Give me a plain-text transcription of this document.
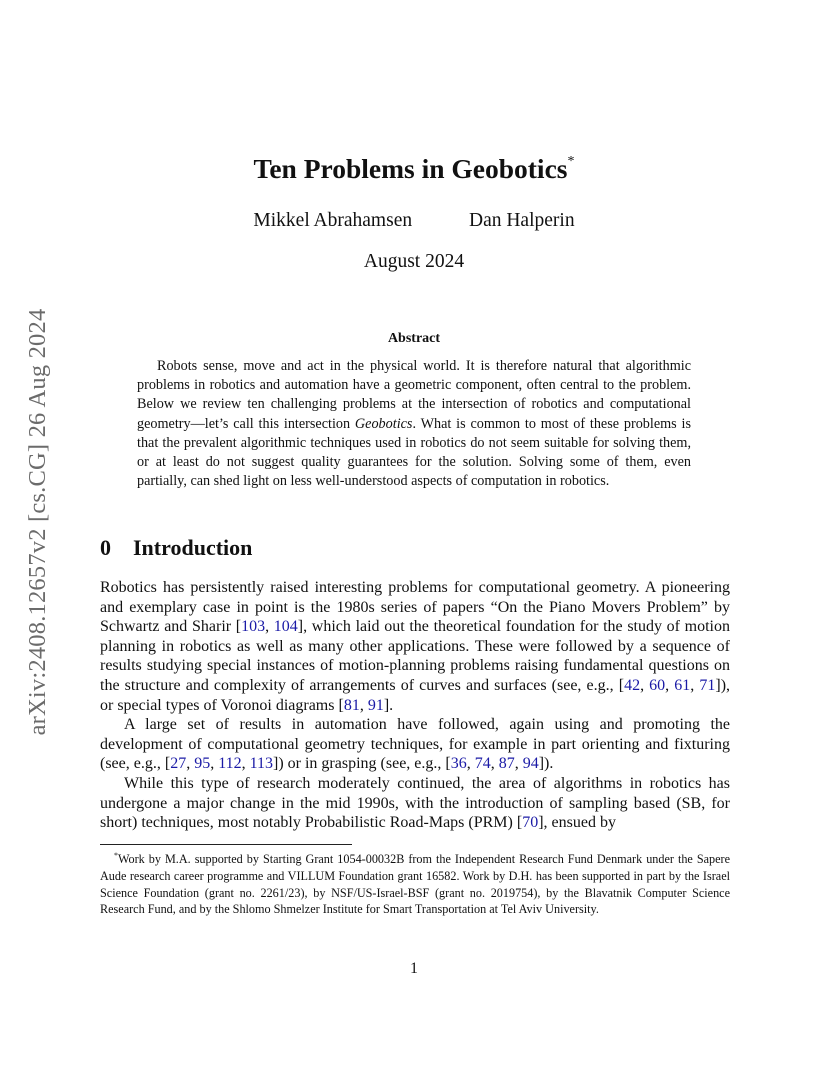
arXiv:2408.12657v2 [cs.CG] 26 Aug 2024
Ten Problems in Geobotics*
Mikkel Abrahamsen	Dan Halperin
August 2024
Abstract

Robots sense, move and act in the physical world. It is therefore natural that algorithmic problems in robotics and automation have a geometric component, often central to the problem. Below we review ten challenging problems at the intersection of robotics and computational geometry—let’s call this intersection Geobotics. What is common to most of these problems is that the prevalent algorithmic techniques used in robotics do not seem suitable for solving them, or at least do not suggest quality guarantees for the solution. Solving some of them, even partially, can shed light on less well-understood aspects of computation in robotics.

0 Introduction

Robotics has persistently raised interesting problems for computational geometry. A pioneering and exemplary case in point is the 1980s series of papers “On the Piano Movers Problem” by Schwartz and Sharir [103, 104], which laid out the theoretical foundation for the study of motion planning in robotics as well as many other applications. These were followed by a sequence of results studying special instances of motion-planning problems raising fundamental questions on the structure and complexity of arrangements of curves and surfaces (see, e.g., [42, 60, 61, 71]), or special types of Voronoi diagrams [81, 91].

A large set of results in automation have followed, again using and promoting the development of computational geometry techniques, for example in part orienting and fixturing (see, e.g., [27, 95, 112, 113]) or in grasping (see, e.g., [36, 74, 87, 94]).

While this type of research moderately continued, the area of algorithms in robotics has undergone a major change in the mid 1990s, with the introduction of sampling based (SB, for short) techniques, most notably Probabilistic Road-Maps (PRM) [70], ensued by

*Work by M.A. supported by Starting Grant 1054-00032B from the Independent Research Fund Denmark under the Sapere Aude research career programme and VILLUM Foundation grant 16582. Work by D.H. has been supported in part by the Israel Science Foundation (grant no. 2261/23), by NSF/US-Israel-BSF (grant no. 2019754), by the Blavatnik Computer Science Research Fund, and by the Shlomo Shmelzer Institute for Smart Transportation at Tel Aviv University.

1
